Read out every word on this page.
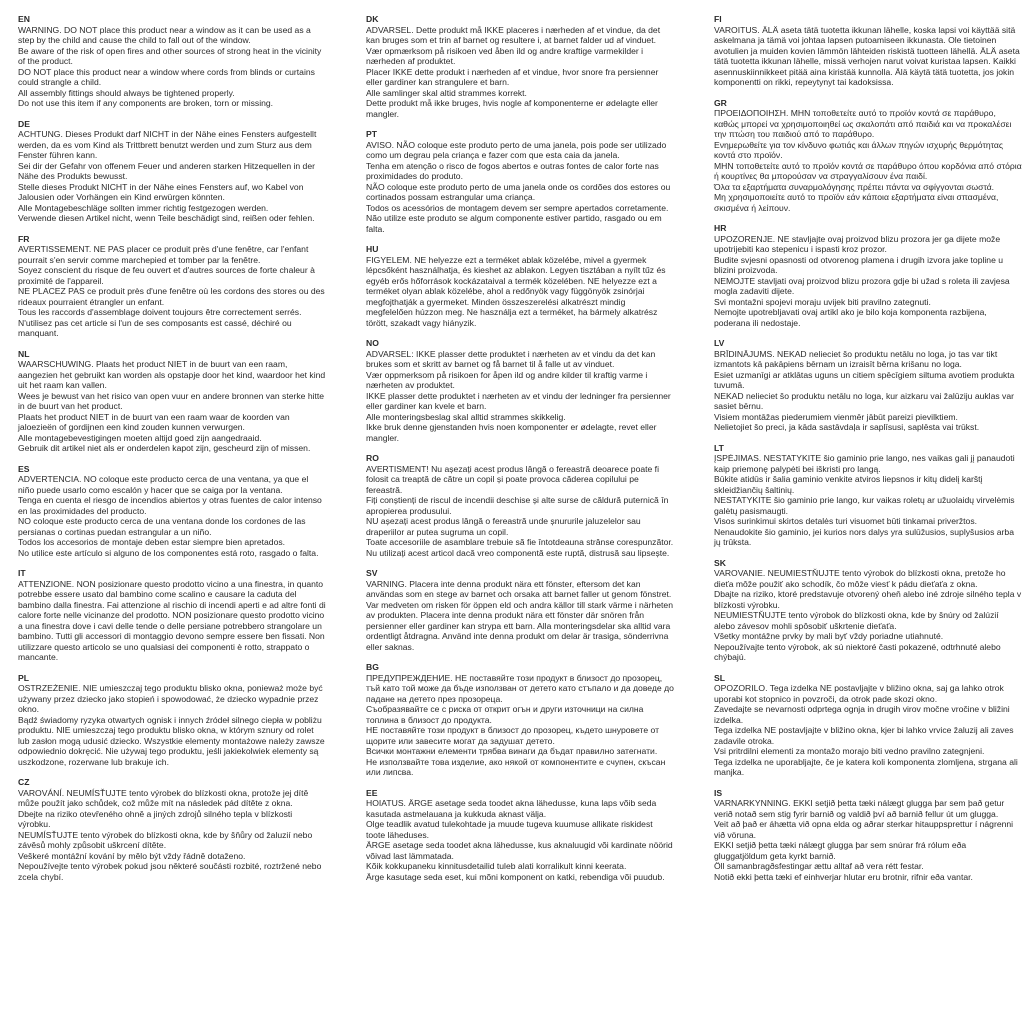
EN

WARNING. DO NOT place this product near a window as it can be used as a step by the child and cause the child to fall out of the window.

Be aware of the risk of open fires and other sources of strong heat in the vicinity of the product.

DO NOT place this product near a window where cords from blinds or curtains could strangle a child.

All assembly fittings should always be tightened properly.

Do not use this item if any components are broken, torn or missing.

DE

ACHTUNG. Dieses Produkt darf NICHT in der Nähe eines Fensters aufgestellt werden, da es vom Kind als Trittbrett benutzt werden und zum Sturz aus dem Fenster führen kann.

Sei dir der Gefahr von offenem Feuer und anderen starken Hitzequellen in der Nähe des Produkts bewusst.

Stelle dieses Produkt NICHT in der Nähe eines Fensters auf, wo Kabel von Jalousien oder Vorhängen ein Kind erwürgen könnten.

Alle Montagebeschläge sollten immer richtig festgezogen werden.

Verwende diesen Artikel nicht, wenn Teile beschädigt sind, reißen oder fehlen.

FR

AVERTISSEMENT. NE PAS placer ce produit près d'une fenêtre, car l'enfant pourrait s'en servir comme marchepied et tomber par la fenêtre.

Soyez conscient du risque de feu ouvert et d'autres sources de forte chaleur à proximité de l'appareil.

NE PLACEZ PAS ce produit près d'une fenêtre où les cordons des stores ou des rideaux pourraient étrangler un enfant.

Tous les raccords d'assemblage doivent toujours être correctement serrés.

N'utilisez pas cet article si l'un de ses composants est cassé, déchiré ou manquant.

NL

WAARSCHUWING. Plaats het product NIET in de buurt van een raam, aangezien het gebruikt kan worden als opstapje door het kind, waardoor het kind uit het raam kan vallen.

Wees je bewust van het risico van open vuur en andere bronnen van sterke hitte in de buurt van het product.

Plaats het product NIET in de buurt van een raam waar de koorden van jaloezieën of gordijnen een kind zouden kunnen verwurgen.

Alle montagebevestigingen moeten altijd goed zijn aangedraaid.

Gebruik dit artikel niet als er onderdelen kapot zijn, gescheurd zijn of missen.

ES

ADVERTENCIA. NO coloque este producto cerca de una ventana, ya que el niño puede usarlo como escalón y hacer que se caiga por la ventana.

Tenga en cuenta el riesgo de incendios abiertos y otras fuentes de calor intenso en las proximidades del producto.

NO coloque este producto cerca de una ventana donde los cordones de las persianas o cortinas puedan estrangular a un niño.

Todos los accesorios de montaje deben estar siempre bien apretados.

No utilice este artículo si alguno de los componentes está roto, rasgado o falta.

IT

ATTENZIONE. NON posizionare questo prodotto vicino a una finestra, in quanto potrebbe essere usato dal bambino come scalino e causare la caduta del bambino dalla finestra. Fai attenzione al rischio di incendi aperti e ad altre fonti di calore forte nelle vicinanze del prodotto. NON posizionare questo prodotto vicino a una finestra dove i cavi delle tende o delle persiane potrebbero strangolare un bambino. Tutti gli accessori di montaggio devono sempre essere ben fissati. Non utilizzare questo articolo se uno qualsiasi dei componenti è rotto, strappato o mancante.

PL

OSTRZEŻENIE. NIE umieszczaj tego produktu blisko okna, ponieważ może być używany przez dziecko jako stopień i spowodować, że dziecko wypadnie przez okno.

Bądź świadomy ryzyka otwartych ognisk i innych źródeł silnego ciepła w pobliżu produktu. NIE umieszczaj tego produktu blisko okna, w którym sznury od rolet lub zasłon mogą udusić dziecko. Wszystkie elementy montażowe należy zawsze odpowiednio dokręcić. Nie używaj tego produktu, jeśli jakiekolwiek elementy są uszkodzone, rozerwane lub brakuje ich.

CZ

VAROVÁNÍ. NEUMÍSŤUJTE tento výrobek do blízkosti okna, protože jej dítě může použít jako schůdek, což může mít na následek pád dítěte z okna.

Dbejte na riziko otevřeného ohně a jiných zdrojů silného tepla v blízkosti výrobku.

NEUMÍSŤUJTE tento výrobek do blízkosti okna, kde by šňůry od žaluzií nebo závěsů mohly způsobit uškrcení dítěte.

Veškeré montážní kování by mělo být vždy řádně dotaženo.

Nepoužívejte tento výrobek pokud jsou některé součásti rozbité, roztržené nebo zcela chybí.

DK

ADVARSEL. Dette produkt må IKKE placeres i nærheden af et vindue, da det kan bruges som et trin af barnet og resultere i, at barnet falder ud af vinduet.

Vær opmærksom på risikoen ved åben ild og andre kraftige varmekilder i nærheden af produktet.

Placer IKKE dette produkt i nærheden af et vindue, hvor snore fra persienner eller gardiner kan strangulere et barn.

Alle samlinger skal altid strammes korrekt.

Dette produkt må ikke bruges, hvis nogle af komponenterne er ødelagte eller mangler.

PT

AVISO. NÃO coloque este produto perto de uma janela, pois pode ser utilizado como um degrau pela criança e fazer com que esta caia da janela.

Tenha em atenção o risco de fogos abertos e outras fontes de calor forte nas proximidades do produto.

NÃO coloque este produto perto de uma janela onde os cordões dos estores ou cortinados possam estrangular uma criança.

Todos os acessórios de montagem devem ser sempre apertados corretamente.

Não utilize este produto se algum componente estiver partido, rasgado ou em falta.

HU

FIGYELEM. NE helyezze ezt a terméket ablak közelébe, mivel a gyermek lépcsőként használhatja, és kieshet az ablakon. Legyen tisztában a nyílt tűz és egyéb erős hőforrások kockázataival a termék közelében. NE helyezze ezt a terméket olyan ablak közelébe, ahol a redőnyök vagy függönyök zsinórjai megfojthatják a gyermeket. Minden összeszerelési alkatrészt mindig megfelelően húzzon meg. Ne használja ezt a terméket, ha bármely alkatrész törött, szakadt vagy hiányzik.

NO

ADVARSEL: IKKE plasser dette produktet i nærheten av et vindu da det kan brukes som et skritt av barnet og få barnet til å falle ut av vinduet.

Vær oppmerksom på risikoen for åpen ild og andre kilder til kraftig varme i nærheten av produktet.

IKKE plasser dette produktet i nærheten av et vindu der ledninger fra persienner eller gardiner kan kvele et barn.

Alle monteringsbeslag skal alltid strammes skikkelig.

Ikke bruk denne gjenstanden hvis noen komponenter er ødelagte, revet eller mangler.

RO

AVERTISMENT! Nu așezați acest produs lângă o fereastră deoarece poate fi folosit ca treaptă de către un copil și poate provoca căderea copilului pe fereastră.

Fiți conștienți de riscul de incendii deschise și alte surse de căldură puternică în apropierea produsului.

NU așezați acest produs lângă o fereastră unde șnururile jaluzelelor sau draperiilor ar putea sugruma un copil.

Toate accesoriile de asamblare trebuie să fie întotdeauna strânse corespunzător.

Nu utilizați acest articol dacă vreo componentă este ruptă, distrusă sau lipsește.

SV

VARNING. Placera inte denna produkt nära ett fönster, eftersom det kan användas som en stege av barnet och orsaka att barnet faller ut genom fönstret. Var medveten om risken för öppen eld och andra källor till stark värme i närheten av produkten. Placera inte denna produkt nära ett fönster där snören från persienner eller gardiner kan strypa ett barn. Alla monteringsdelar ska alltid vara ordentligt åtdragna. Använd inte denna produkt om delar är trasiga, sönderrivna eller saknas.

BG

ПРЕДУПРЕЖДЕНИЕ. НЕ поставяйте този продукт в близост до прозорец, тъй като той може да бъде използван от детето като стъпало и да доведе до падане на детето през прозореца.

Съобразявайте се с риска от открит огън и други източници на силна топлина в близост до продукта.

НЕ поставяйте този продукт в близост до прозорец, където шнуровете от щорите или завесите могат да задушат детето.

Всички монтажни елементи трябва винаги да бъдат правилно затегнати.

Не използвайте това изделие, ако някой от компонентите е счупен, скъсан или липсва.

EE

HOIATUS. ÄRGE asetage seda toodet akna lähedusse, kuna laps võib seda kasutada astmelauana ja kukkuda aknast välja.

Olge teadlik avatud tulekohtade ja muude tugeva kuumuse allikate riskidest toote läheduses.

ÄRGE asetage seda toodet akna lähedusse, kus aknaluugid või kardinate nöörid võivad last lämmatada.

Kõik kokkupaneku kinnitusdetailid tuleb alati korralikult kinni keerata.

Ärge kasutage seda eset, kui mõni komponent on katki, rebendiga või puudub.

FI

VAROITUS. ÄLÄ aseta tätä tuotetta ikkunan lähelle, koska lapsi voi käyttää sitä askelmana ja tämä voi johtaa lapsen putoamiseen ikkunasta. Ole tietoinen avotulien ja muiden kovien lämmön lähteiden riskistä tuotteen lähellä. ÄLÄ aseta tätä tuotetta ikkunan lähelle, missä verhojen narut voivat kuristaa lapsen. Kaikki asennuskiinnikkeet pitää aina kiristää kunnolla. Älä käytä tätä tuotetta, jos jokin komponentti on rikki, repeytynyt tai kadoksissa.

GR

ΠΡΟΕΙΔΟΠΟΙΗΣΗ. ΜΗΝ τοποθετείτε αυτό το προϊόν κοντά σε παράθυρο, καθώς μπορεί να χρησιμοποιηθεί ως σκαλοπάτι από παιδιά και να προκαλέσει την πτώση του παιδιού από το παράθυρο.

Ενημερωθείτε για τον κίνδυνο φωτιάς και άλλων πηγών ισχυρής θερμότητας κοντά στο προϊόν.

ΜΗΝ τοποθετείτε αυτό το προϊόν κοντά σε παράθυρο όπου κορδόνια από στόρια ή κουρτίνες θα μπορούσαν να στραγγαλίσουν ένα παιδί.

Όλα τα εξαρτήματα συναρμολόγησης πρέπει πάντα να σφίγγονται σωστά.

Μη χρησιμοποιείτε αυτό το προϊόν εάν κάποια εξαρτήματα είναι σπασμένα, σκισμένα ή λείπουν.

HR

UPOZORENJE. NE stavljajte ovaj proizvod blizu prozora jer ga dijete može upotrijebiti kao stepenicu i ispasti kroz prozor.

Budite svjesni opasnosti od otvorenog plamena i drugih izvora jake topline u blizini proizvoda.

NEMOJTE stavljati ovaj proizvod blizu prozora gdje bi užad s roleta ili zavjesa mogla zadaviti dijete.

Svi montažni spojevi moraju uvijek biti pravilno zategnuti.

Nemojte upotrebljavati ovaj artikl ako je bilo koja komponenta razbijena, poderana ili nedostaje.

LV

BRĪDINĀJUMS. NEKAD nelieciet šo produktu netālu no loga, jo tas var tikt izmantots kā pakāpiens bērnam un izraisīt bērna krišanu no loga.

Esiet uzmanīgi ar atklātas uguns un citiem spēcīgiem siltuma avotiem produkta tuvumā.

NEKAD nelieciet šo produktu netālu no loga, kur aizkaru vai žalūziju auklas var sasiet bērnu.

Visiem montāžas piederumiem vienmēr jābūt pareizi pievilktiem.

Nelietojiet šo preci, ja kāda sastāvdaļa ir saplīsusi, saplēsta vai trūkst.

LT

ĮSPĖJIMAS. NESTATYKITE šio gaminio prie lango, nes vaikas gali jį panaudoti kaip priemonę palypėti bei iškristi pro langą.

Būkite atidūs ir šalia gaminio venkite atviros liepsnos ir kitų didelį karštį skleidžiančių šaltinių.

NESTATYKITE šio gaminio prie lango, kur vaikas roletų ar užuolaidų virvelėmis galėtų pasismaugti.

Visos surinkimui skirtos detalės turi visuomet būti tinkamai priveržtos.

Nenaudokite šio gaminio, jei kurios nors dalys yra sulūžusios, suplyšusios arba jų trūksta.

SK

VAROVANIE. NEUMIESTŇUJTE tento výrobok do blízkosti okna, pretože ho dieťa môže použiť ako schodík, čo môže viesť k pádu dieťaťa z okna.

Dbajte na riziko, ktoré predstavuje otvorený oheň alebo iné zdroje silného tepla v blízkosti výrobku.

NEUMIESTŇUJTE tento výrobok do blízkosti okna, kde by šnúry od žalúzií alebo závesov mohli spôsobiť uškrtenie dieťaťa.

Všetky montážne prvky by mali byť vždy poriadne utiahnuté.

Nepoužívajte tento výrobok, ak sú niektoré časti pokazené, odtrhnuté alebo chýbajú.

SL

OPOZORILO. Tega izdelka NE postavljajte v bližino okna, saj ga lahko otrok uporabi kot stopnico in povzroči, da otrok pade skozi okno.

Zavedajte se nevarnosti odprtega ognja in drugih virov močne vročine v bližini izdelka.

Tega izdelka NE postavljajte v bližino okna, kjer bi lahko vrvice žaluzij ali zaves zadavile otroka.

Vsi pritrdilni elementi za montažo morajo biti vedno pravilno zategnjeni.

Tega izdelka ne uporabljajte, če je katera koli komponenta zlomljena, strgana ali manjka.

IS

VARNARKYNNING. EKKI setjið þetta tæki nálægt glugga þar sem það getur verið notað sem stig fyrir barnið og valdið því að barnið fellur út um glugga.

Veit að það er áhætta við opna elda og aðrar sterkar hitauppsprettur í nágrenni við vöruna.

EKKI setjið þetta tæki nálægt glugga þar sem snúrar frá rólum eða gluggatjöldum geta kyrkt barnið.

Öll samanbragðsfestingar ættu alltaf að vera rétt festar.

Notið ekki þetta tæki ef einhverjar hlutar eru brotnir, rifnir eða vantar.
